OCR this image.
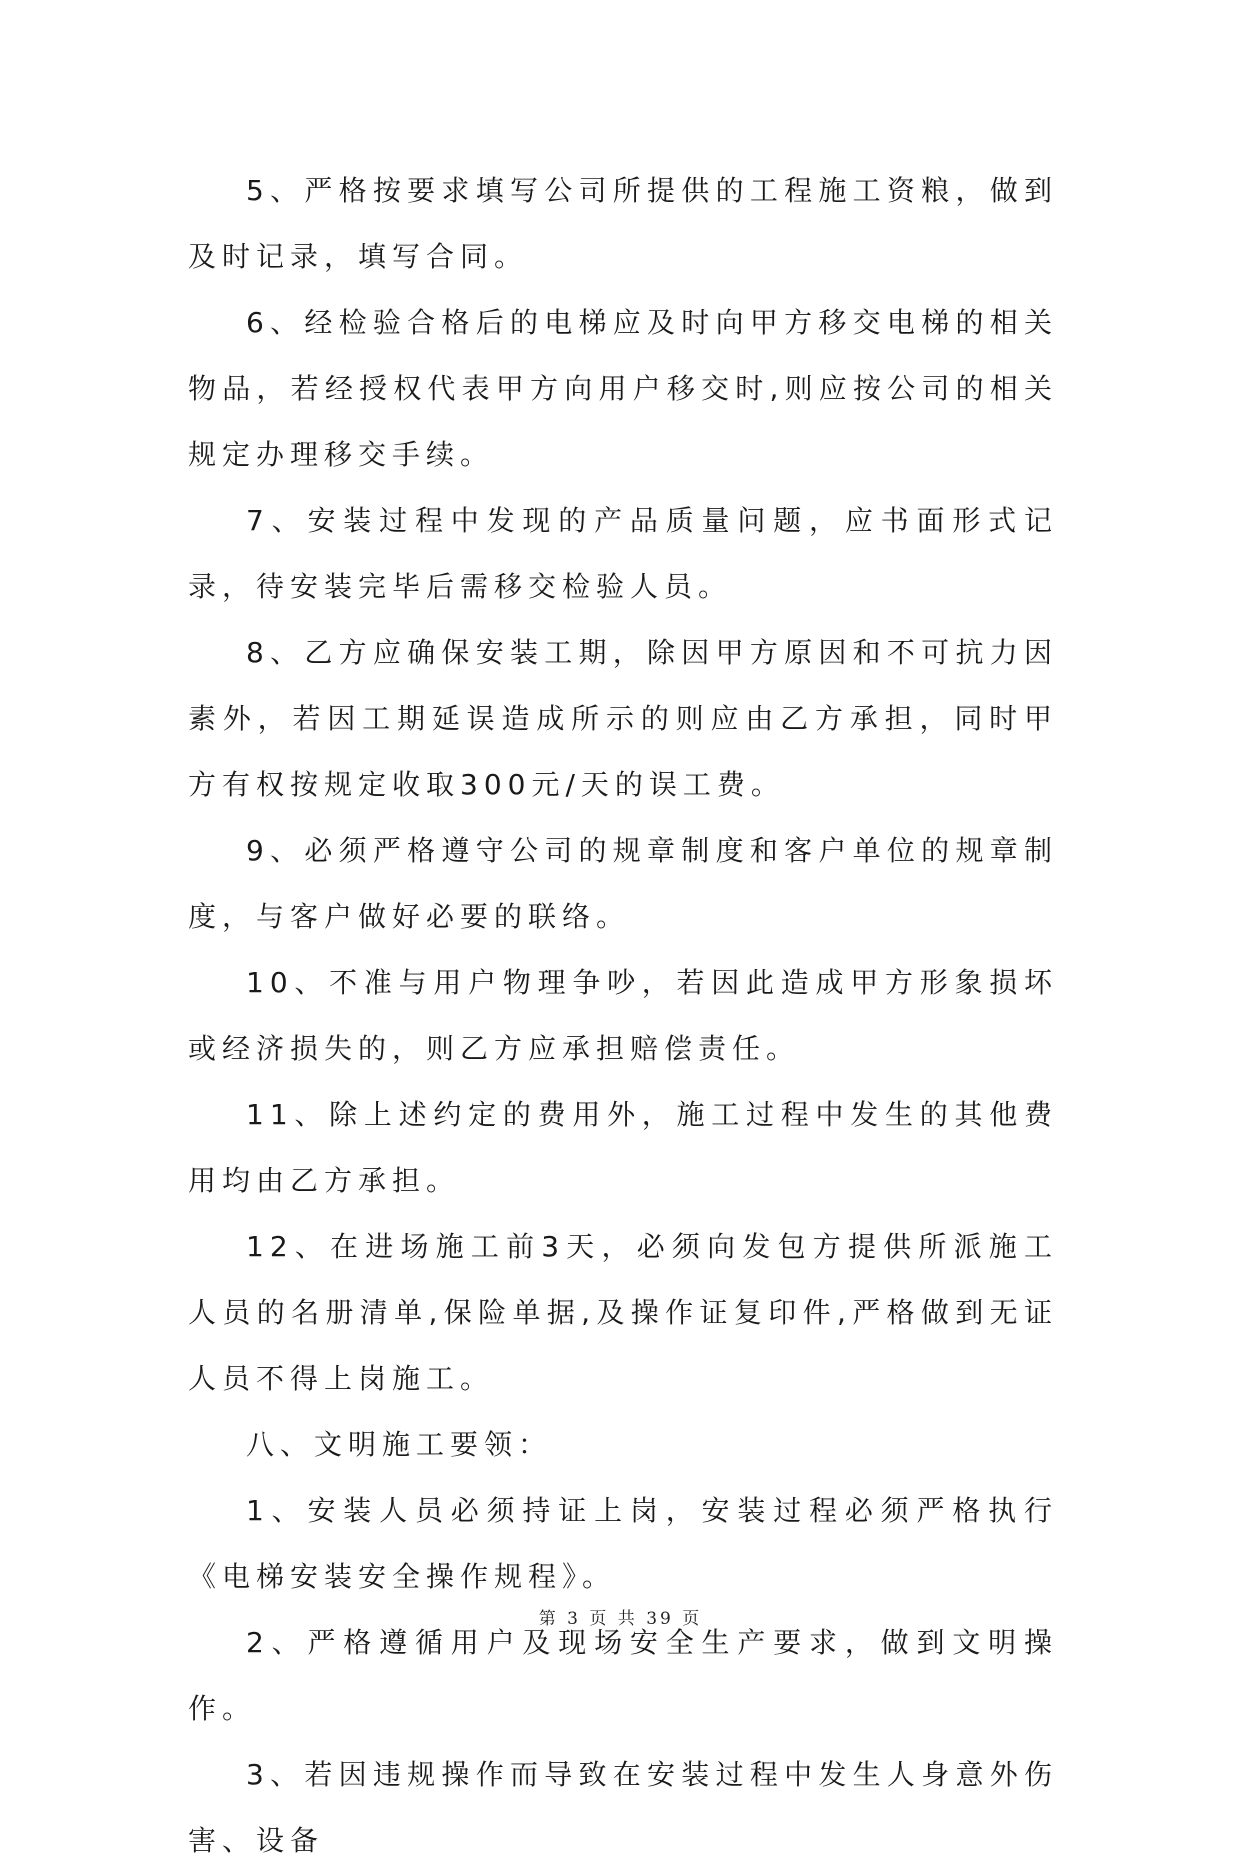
5、严格按要求填写公司所提供的工程施工资粮，做到及时记录，填写合同。

6、经检验合格后的电梯应及时向甲方移交电梯的相关物品，若经授权代表甲方向用户移交时,则应按公司的相关规定办理移交手续。

7、安装过程中发现的产品质量问题，应书面形式记录，待安装完毕后需移交检验人员。

8、乙方应确保安装工期，除因甲方原因和不可抗力因素外，若因工期延误造成所示的则应由乙方承担，同时甲方有权按规定收取300元/天的误工费。

9、必须严格遵守公司的规章制度和客户单位的规章制度，与客户做好必要的联络。

10、不准与用户物理争吵，若因此造成甲方形象损坏或经济损失的，则乙方应承担赔偿责任。

11、除上述约定的费用外，施工过程中发生的其他费用均由乙方承担。

12、在进场施工前3天，必须向发包方提供所派施工人员的名册清单,保险单据,及操作证复印件,严格做到无证人员不得上岗施工。

八、文明施工要领：

1、安装人员必须持证上岗，安装过程必须严格执行《电梯安装安全操作规程》。

2、严格遵循用户及现场安全生产要求，做到文明操作。

3、若因违规操作而导致在安装过程中发生人身意外伤害、设备

第 3 页 共 39 页
